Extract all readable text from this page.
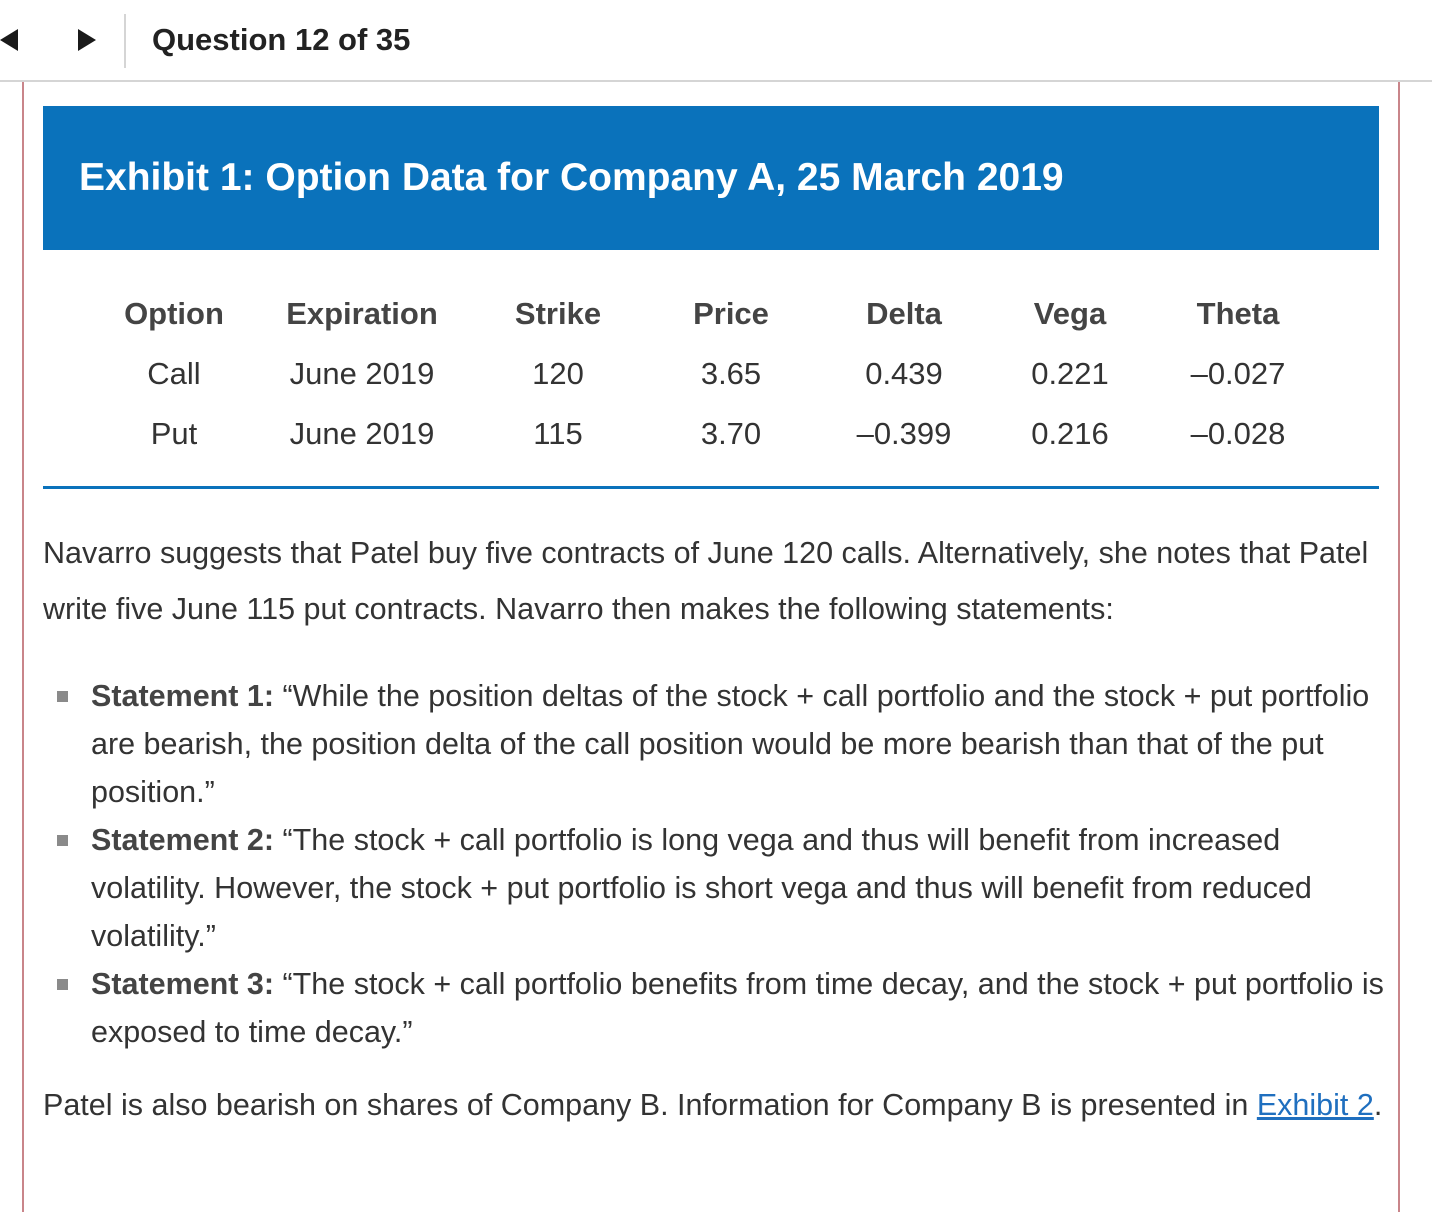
Question 12 of 35
Exhibit 1: Option Data for Company A, 25 March 2019
Option	Expiration	Strike	Price	Delta	Vega	Theta
Call	June 2019	120	3.65	0.439	0.221	–0.027
Put	June 2019	115	3.70	–0.399	0.216	–0.028
Navarro suggests that Patel buy five contracts of June 120 calls. Alternatively, she notes that Patel write five June 115 put contracts. Navarro then makes the following statements:
Statement 1: “While the position deltas of the stock + call portfolio and the stock + put portfolio are bearish, the position delta of the call position would be more bearish than that of the put position.”
Statement 2: “The stock + call portfolio is long vega and thus will benefit from increased volatility. However, the stock + put portfolio is short vega and thus will benefit from reduced volatility.”
Statement 3: “The stock + call portfolio benefits from time decay, and the stock + put portfolio is exposed to time decay.”
Patel is also bearish on shares of Company B. Information for Company B is presented in Exhibit 2.
